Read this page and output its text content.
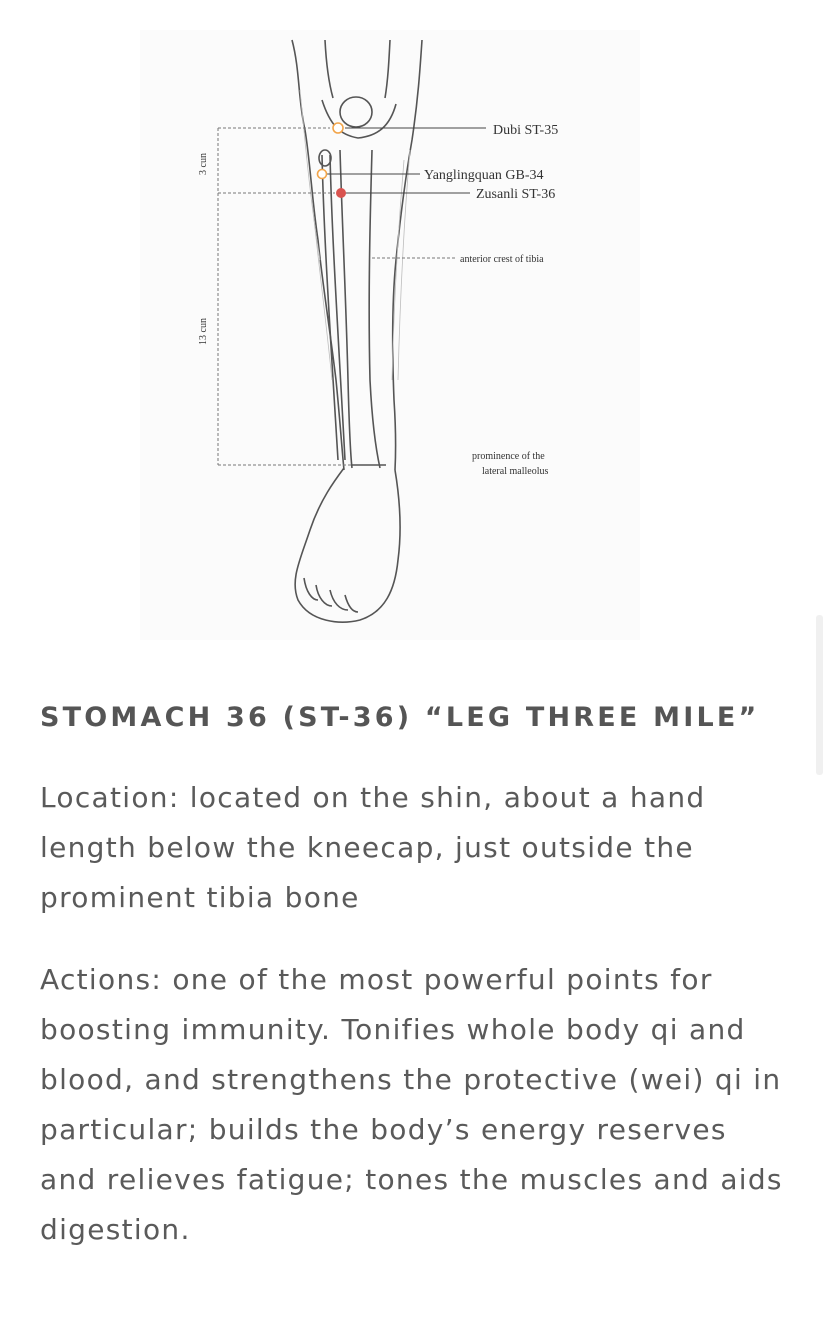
Dubi ST-35
Yanglingquan GB-34
Zusanli ST-36
anterior crest of tibia
prominence of the
lateral malleolus
3 cun
13 cun
STOMACH 36 (ST-36) “LEG THREE MILE”

Location: located on the shin, about a hand length below the kneecap, just outside the prominent tibia bone

Actions: one of the most powerful points for boosting immunity. Tonifies whole body qi and blood, and strengthens the protective (wei) qi in particular; builds the body’s energy reserves and relieves fatigue; tones the muscles and aids digestion.
